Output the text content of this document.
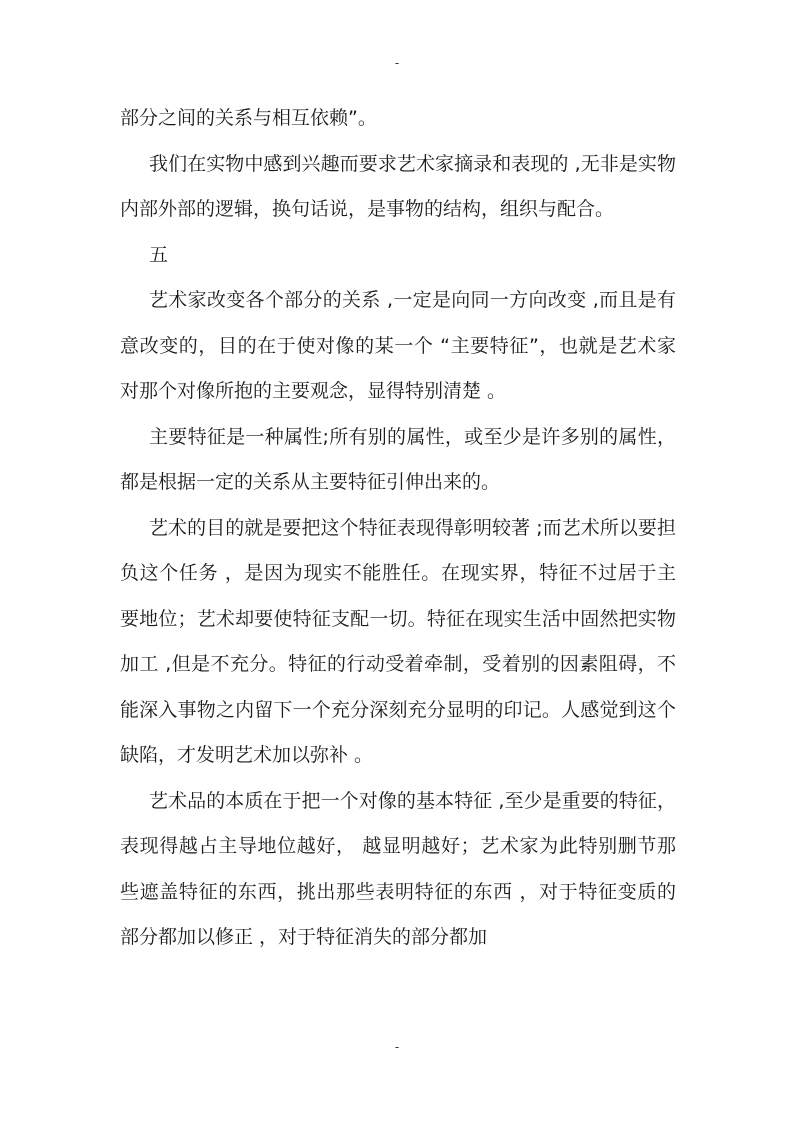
-

部分之间的关系与相互依赖”。

我们在实物中感到兴趣而要求艺术家摘录和表现的 ,无非是实物内部外部的逻辑，换句话说，是事物的结构，组织与配合。

五

艺术家改变各个部分的关系 ,一定是向同一方向改变 ,而且是有意改变的，目的在于使对像的某一个 “主要特征”，也就是艺术家对那个对像所抱的主要观念，显得特别清楚 。

主要特征是一种属性;所有别的属性，或至少是许多别的属性，都是根据一定的关系从主要特征引伸出来的。

艺术的目的就是要把这个特征表现得彰明较著 ;而艺术所以要担负这个任务 ，是因为现实不能胜任。在现实界，特征不过居于主要地位；艺术却要使特征支配一切。特征在现实生活中固然把实物加工 ,但是不充分。特征的行动受着牵制，受着别的因素阻碍，不能深入事物之内留下一个充分深刻充分显明的印记。人感觉到这个缺陷，才发明艺术加以弥补 。

艺术品的本质在于把一个对像的基本特征 ,至少是重要的特征，表现得越占主导地位越好， 越显明越好；艺术家为此特别删节那些遮盖特征的东西，挑出那些表明特征的东西 ，对于特征变质的部分都加以修正 ，对于特征消失的部分都加

-
